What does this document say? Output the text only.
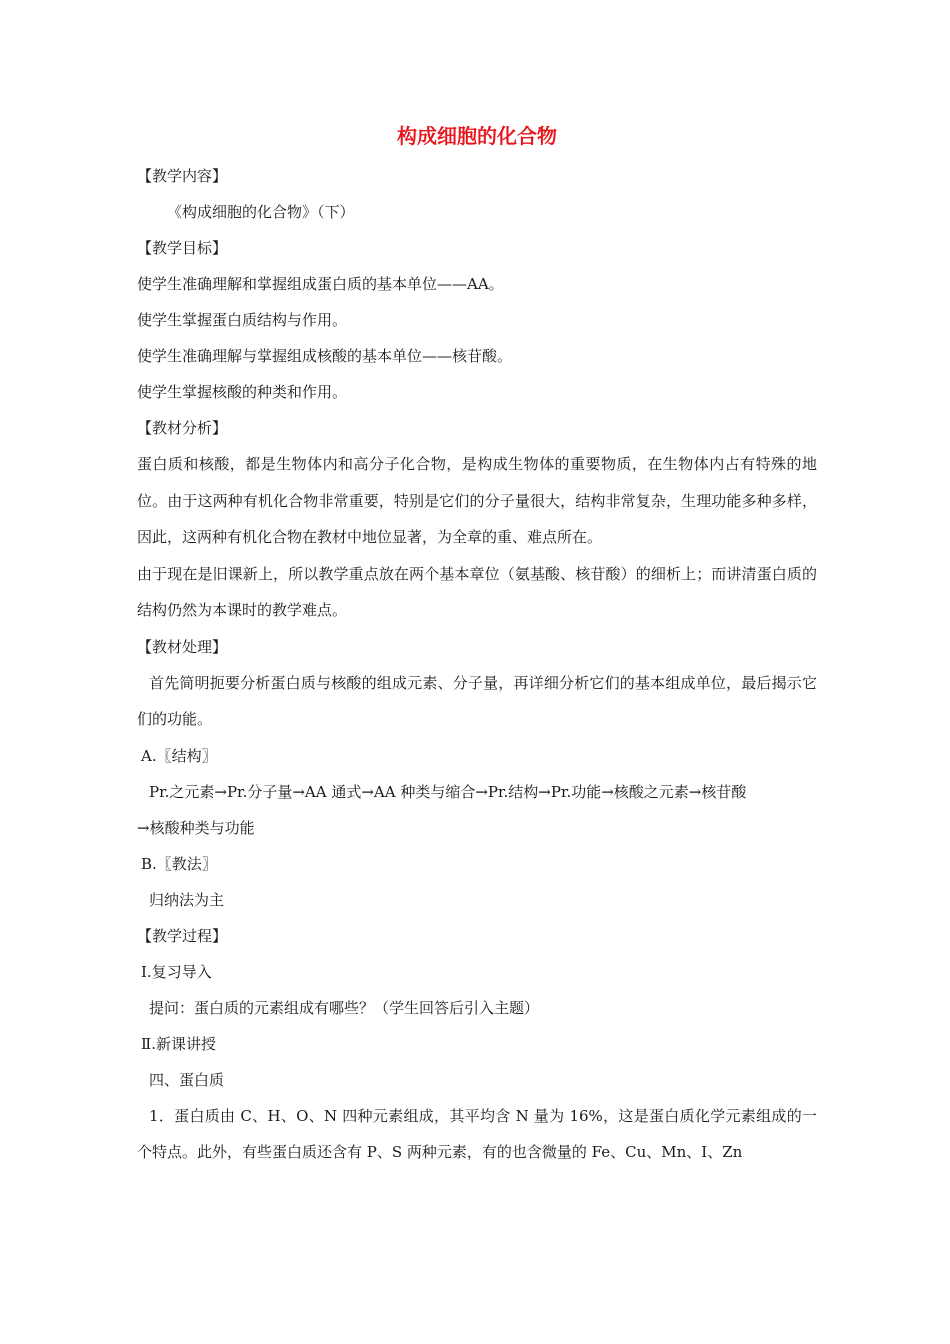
构成细胞的化合物
【教学内容】
《构成细胞的化合物》（下）
【教学目标】
使学生准确理解和掌握组成蛋白质的基本单位——AA。
使学生掌握蛋白质结构与作用。
使学生准确理解与掌握组成核酸的基本单位——核苷酸。
使学生掌握核酸的种类和作用。
【教材分析】

蛋白质和核酸，都是生物体内和高分子化合物，是构成生物体的重要物质，在生物体内占有特殊的地位。由于这两种有机化合物非常重要，特别是它们的分子量很大，结构非常复杂，生理功能多种多样，因此，这两种有机化合物在教材中地位显著，为全章的重、难点所在。

由于现在是旧课新上，所以教学重点放在两个基本章位（氨基酸、核苷酸）的细析上；而讲清蛋白质的结构仍然为本课时的教学难点。

【教材处理】

首先简明扼要分析蛋白质与核酸的组成元素、分子量，再详细分析它们的基本组成单位，最后揭示它们的功能。

A.〖结构〗
Pr.之元素→Pr.分子量→AA 通式→AA 种类与缩合→Pr.结构→Pr.功能→核酸之元素→核苷酸
→核酸种类与功能
B.〖教法〗
归纳法为主
【教学过程】
Ⅰ.复习导入
提问：蛋白质的元素组成有哪些？（学生回答后引入主题）
Ⅱ.新课讲授
四、蛋白质

1．蛋白质由 C、H、O、N 四种元素组成，其平均含 N 量为 16%，这是蛋白质化学元素组成的一个特点。此外，有些蛋白质还含有 P、S 两种元素，有的也含微量的 Fe、Cu、Mn、I、Zn
